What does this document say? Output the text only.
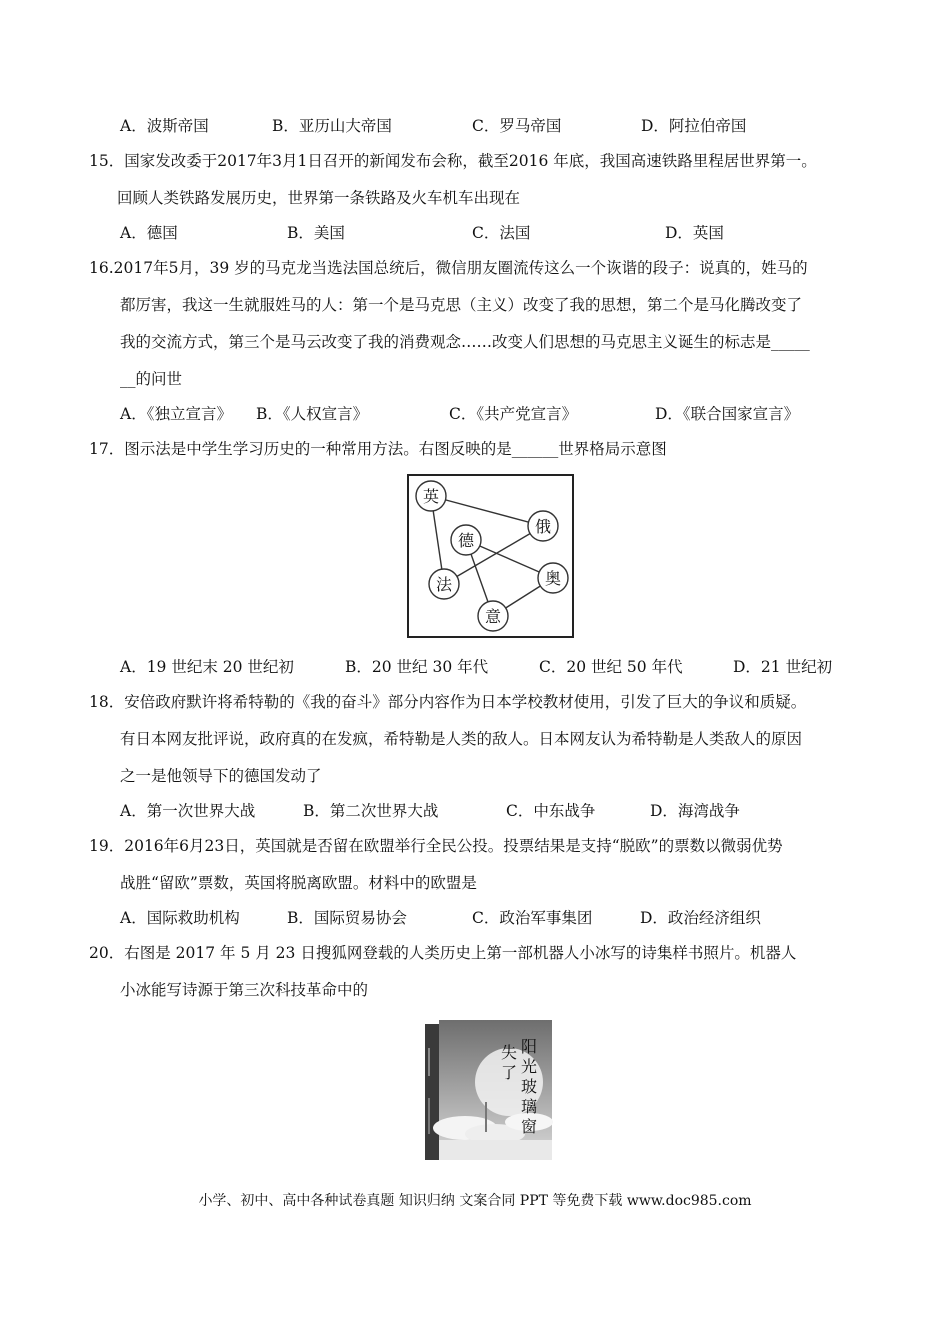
A．波斯帝国	B．亚历山大帝国	C．罗马帝国	D．阿拉伯帝国
15．国家发改委于2017年3月1日召开的新闻发布会称，截至2016 年底，我国高速铁路里程居世界第一。
回顾人类铁路发展历史，世界第一条铁路及火车机车出现在
A．德国	B．美国	C．法国	D．英国
16.2017年5月，39 岁的马克龙当选法国总统后，微信朋友圈流传这么一个诙谐的段子：说真的，姓马的
都厉害，我这一生就服姓马的人：第一个是马克思（主义）改变了我的思想，第二个是马化腾改变了
我的交流方式，第三个是马云改变了我的消费观念……改变人们思想的马克思主义诞生的标志是_____
__的问世
A．《独立宣言》 B．《人权宣言》	C．《共产党宣言》	D．《联合国家宣言》
17．图示法是中学生学习历史的一种常用方法。右图反映的是______世界格局示意图
英
俄
德
法	奥
意
A．19 世纪末 20 世纪初	B．20 世纪 30 年代	C．20 世纪 50 年代	D．21 世纪初
18．安倍政府默许将希特勒的《我的奋斗》部分内容作为日本学校教材使用，引发了巨大的争议和质疑。
有日本网友批评说，政府真的在发疯，希特勒是人类的敌人。日本网友认为希特勒是人类敌人的原因
之一是他领导下的德国发动了
A．第一次世界大战	B．第二次世界大战	C．中东战争	D．海湾战争
19．2016年6月23日，英国就是否留在欧盟举行全民公投。投票结果是支持“脱欧”的票数以微弱优势
战胜“留欧”票数，英国将脱离欧盟。材料中的欧盟是
A．国际救助机构	B．国际贸易协会	C．政治军事集团	D．政治经济组织
20．右图是 2017 年 5 月 23 日搜狐网登载的人类历史上第一部机器人小冰写的诗集样书照片。机器人
小冰能写诗源于第三次科技革命中的
阳
光
失
了
玻
璃
窗
小学、初中、高中各种试卷真题 知识归纳 文案合同 PPT 等免费下载 www.doc985.com
